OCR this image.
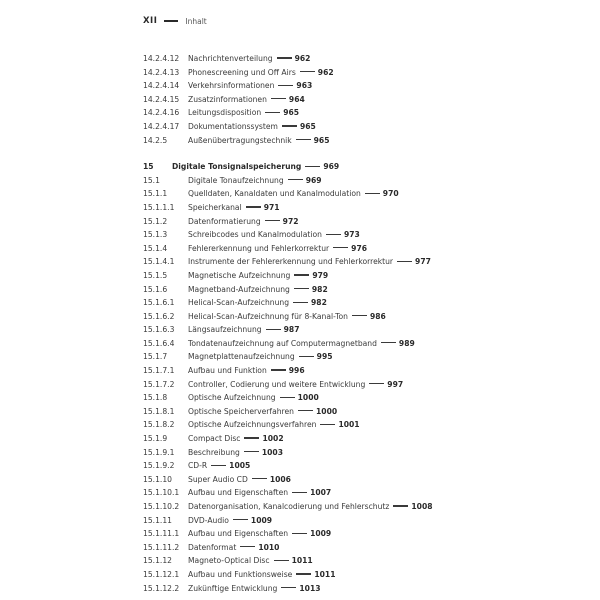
XII	Inhalt
14.2.4.12	Nachrichtenverteilung	962
14.2.4.13	Phonescreening und Off Airs	962
14.2.4.14	Verkehrsinformationen	963
14.2.4.15	Zusatzinformationen	964
14.2.4.16	Leitungsdisposition	965
14.2.4.17	Dokumentationssystem	965
14.2.5	Außenübertragungstechnik	965
15	Digitale Tonsignalspeicherung	969
15.1	Digitale Tonaufzeichnung	969
15.1.1	Quelldaten, Kanaldaten und Kanalmodulation	970
15.1.1.1	Speicherkanal	971
15.1.2	Datenformatierung	972
15.1.3	Schreibcodes und Kanalmodulation	973
15.1.4	Fehlererkennung und Fehlerkorrektur	976
15.1.4.1	Instrumente der Fehlererkennung und Fehlerkorrektur	977
15.1.5	Magnetische Aufzeichnung	979
15.1.6	Magnetband-Aufzeichnung	982
15.1.6.1	Helical-Scan-Aufzeichnung	982
15.1.6.2	Helical-Scan-Aufzeichnung für 8-Kanal-Ton	986
15.1.6.3	Längsaufzeichnung	987
15.1.6.4	Tondatenaufzeichnung auf Computermagnetband	989
15.1.7	Magnetplattenaufzeichnung	995
15.1.7.1	Aufbau und Funktion	996
15.1.7.2	Controller, Codierung und weitere Entwicklung	997
15.1.8	Optische Aufzeichnung	1000
15.1.8.1	Optische Speicherverfahren	1000
15.1.8.2	Optische Aufzeichnungsverfahren	1001
15.1.9	Compact Disc	1002
15.1.9.1	Beschreibung	1003
15.1.9.2	CD-R	1005
15.1.10	Super Audio CD	1006
15.1.10.1	Aufbau und Eigenschaften	1007
15.1.10.2	Datenorganisation, Kanalcodierung und Fehlerschutz	1008
15.1.11	DVD-Audio	1009
15.1.11.1	Aufbau und Eigenschaften	1009
15.1.11.2	Datenformat	1010
15.1.12	Magneto-Optical Disc	1011
15.1.12.1	Aufbau und Funktionsweise	1011
15.1.12.2	Zukünftige Entwicklung	1013
